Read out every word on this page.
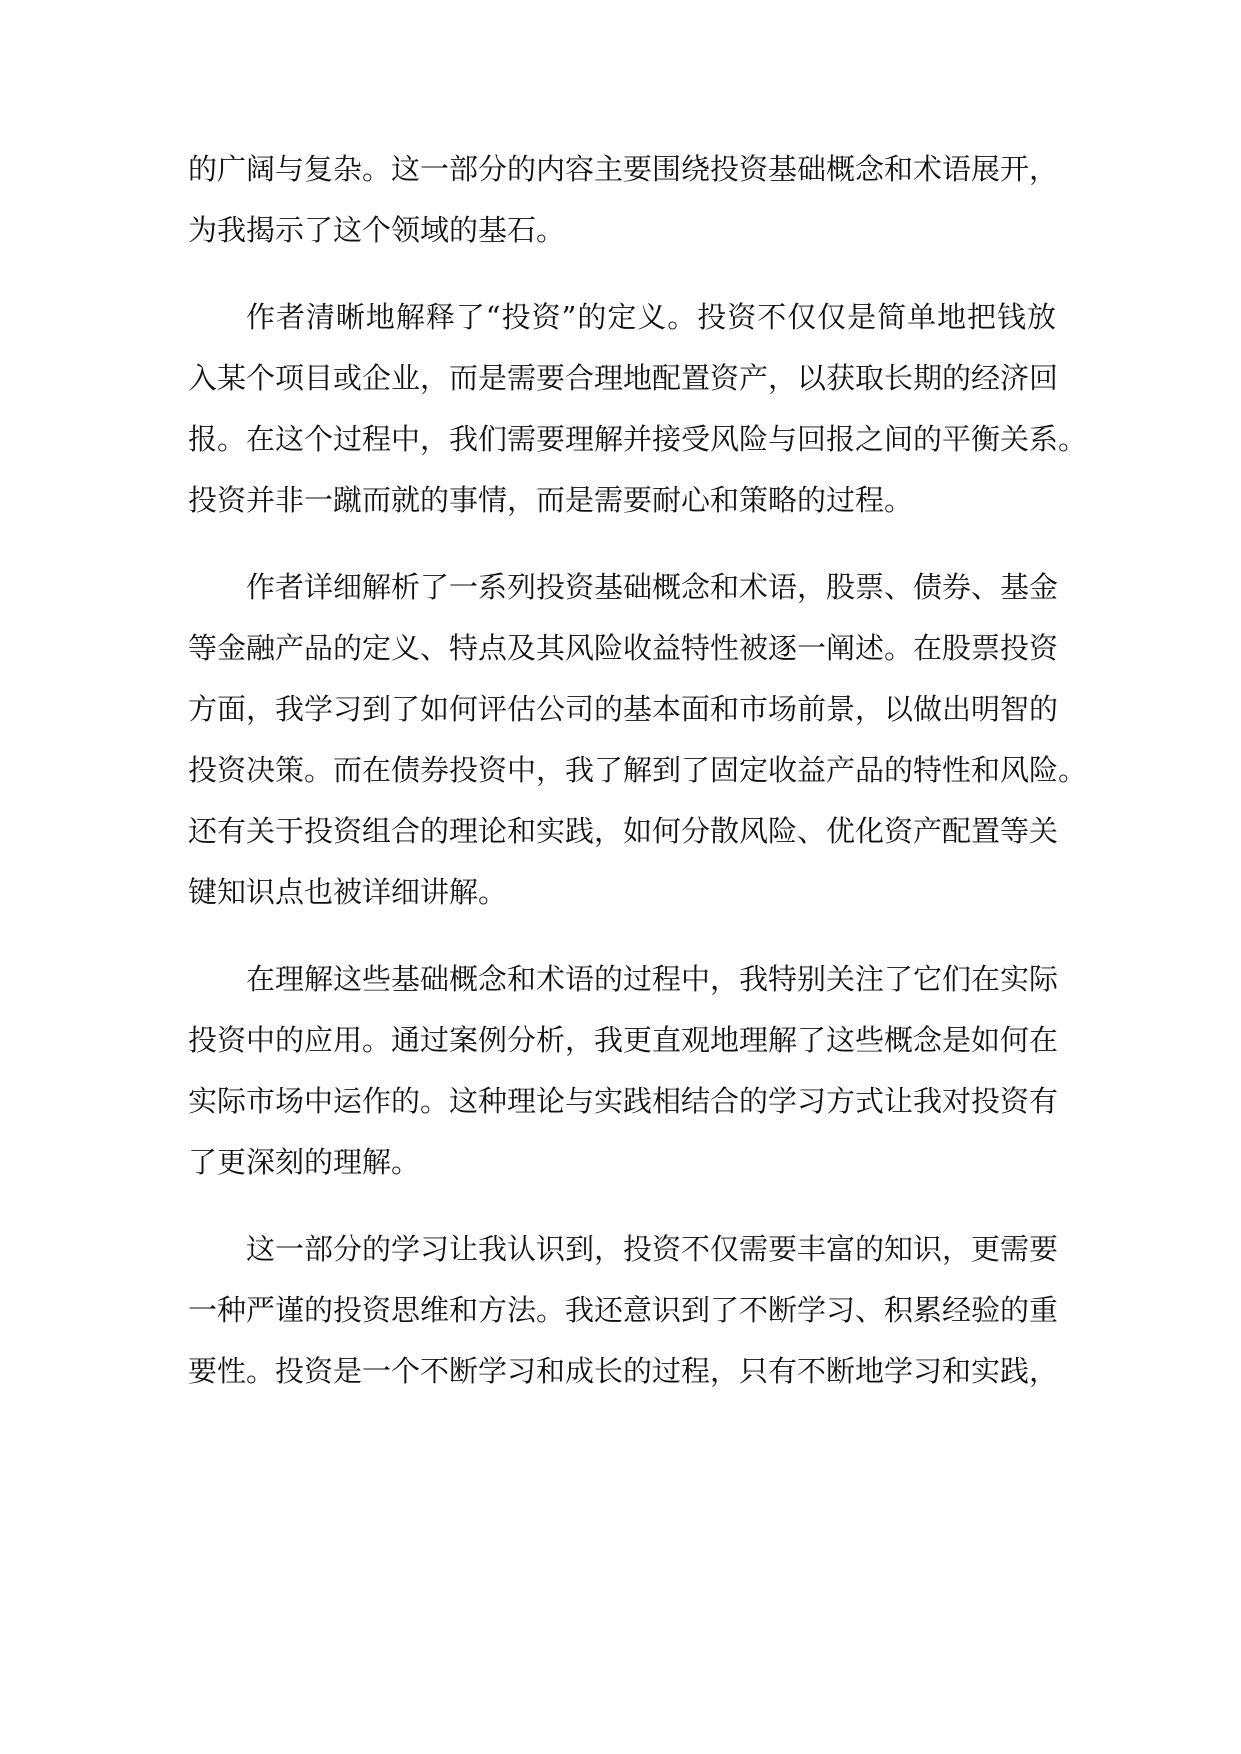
的广阔与复杂。这一部分的内容主要围绕投资基础概念和术语展开，
为我揭示了这个领域的基石。
作者清晰地解释了“投资”的定义。投资不仅仅是简单地把钱放
入某个项目或企业，而是需要合理地配置资产，以获取长期的经济回
报。在这个过程中，我们需要理解并接受风险与回报之间的平衡关系。
投资并非一蹴而就的事情，而是需要耐心和策略的过程。
作者详细解析了一系列投资基础概念和术语，股票、债券、基金
等金融产品的定义、特点及其风险收益特性被逐一阐述。在股票投资
方面，我学习到了如何评估公司的基本面和市场前景，以做出明智的
投资决策。而在债券投资中，我了解到了固定收益产品的特性和风险。
还有关于投资组合的理论和实践，如何分散风险、优化资产配置等关
键知识点也被详细讲解。
在理解这些基础概念和术语的过程中，我特别关注了它们在实际
投资中的应用。通过案例分析，我更直观地理解了这些概念是如何在
实际市场中运作的。这种理论与实践相结合的学习方式让我对投资有
了更深刻的理解。
这一部分的学习让我认识到，投资不仅需要丰富的知识，更需要
一种严谨的投资思维和方法。我还意识到了不断学习、积累经验的重
要性。投资是一个不断学习和成长的过程，只有不断地学习和实践，
